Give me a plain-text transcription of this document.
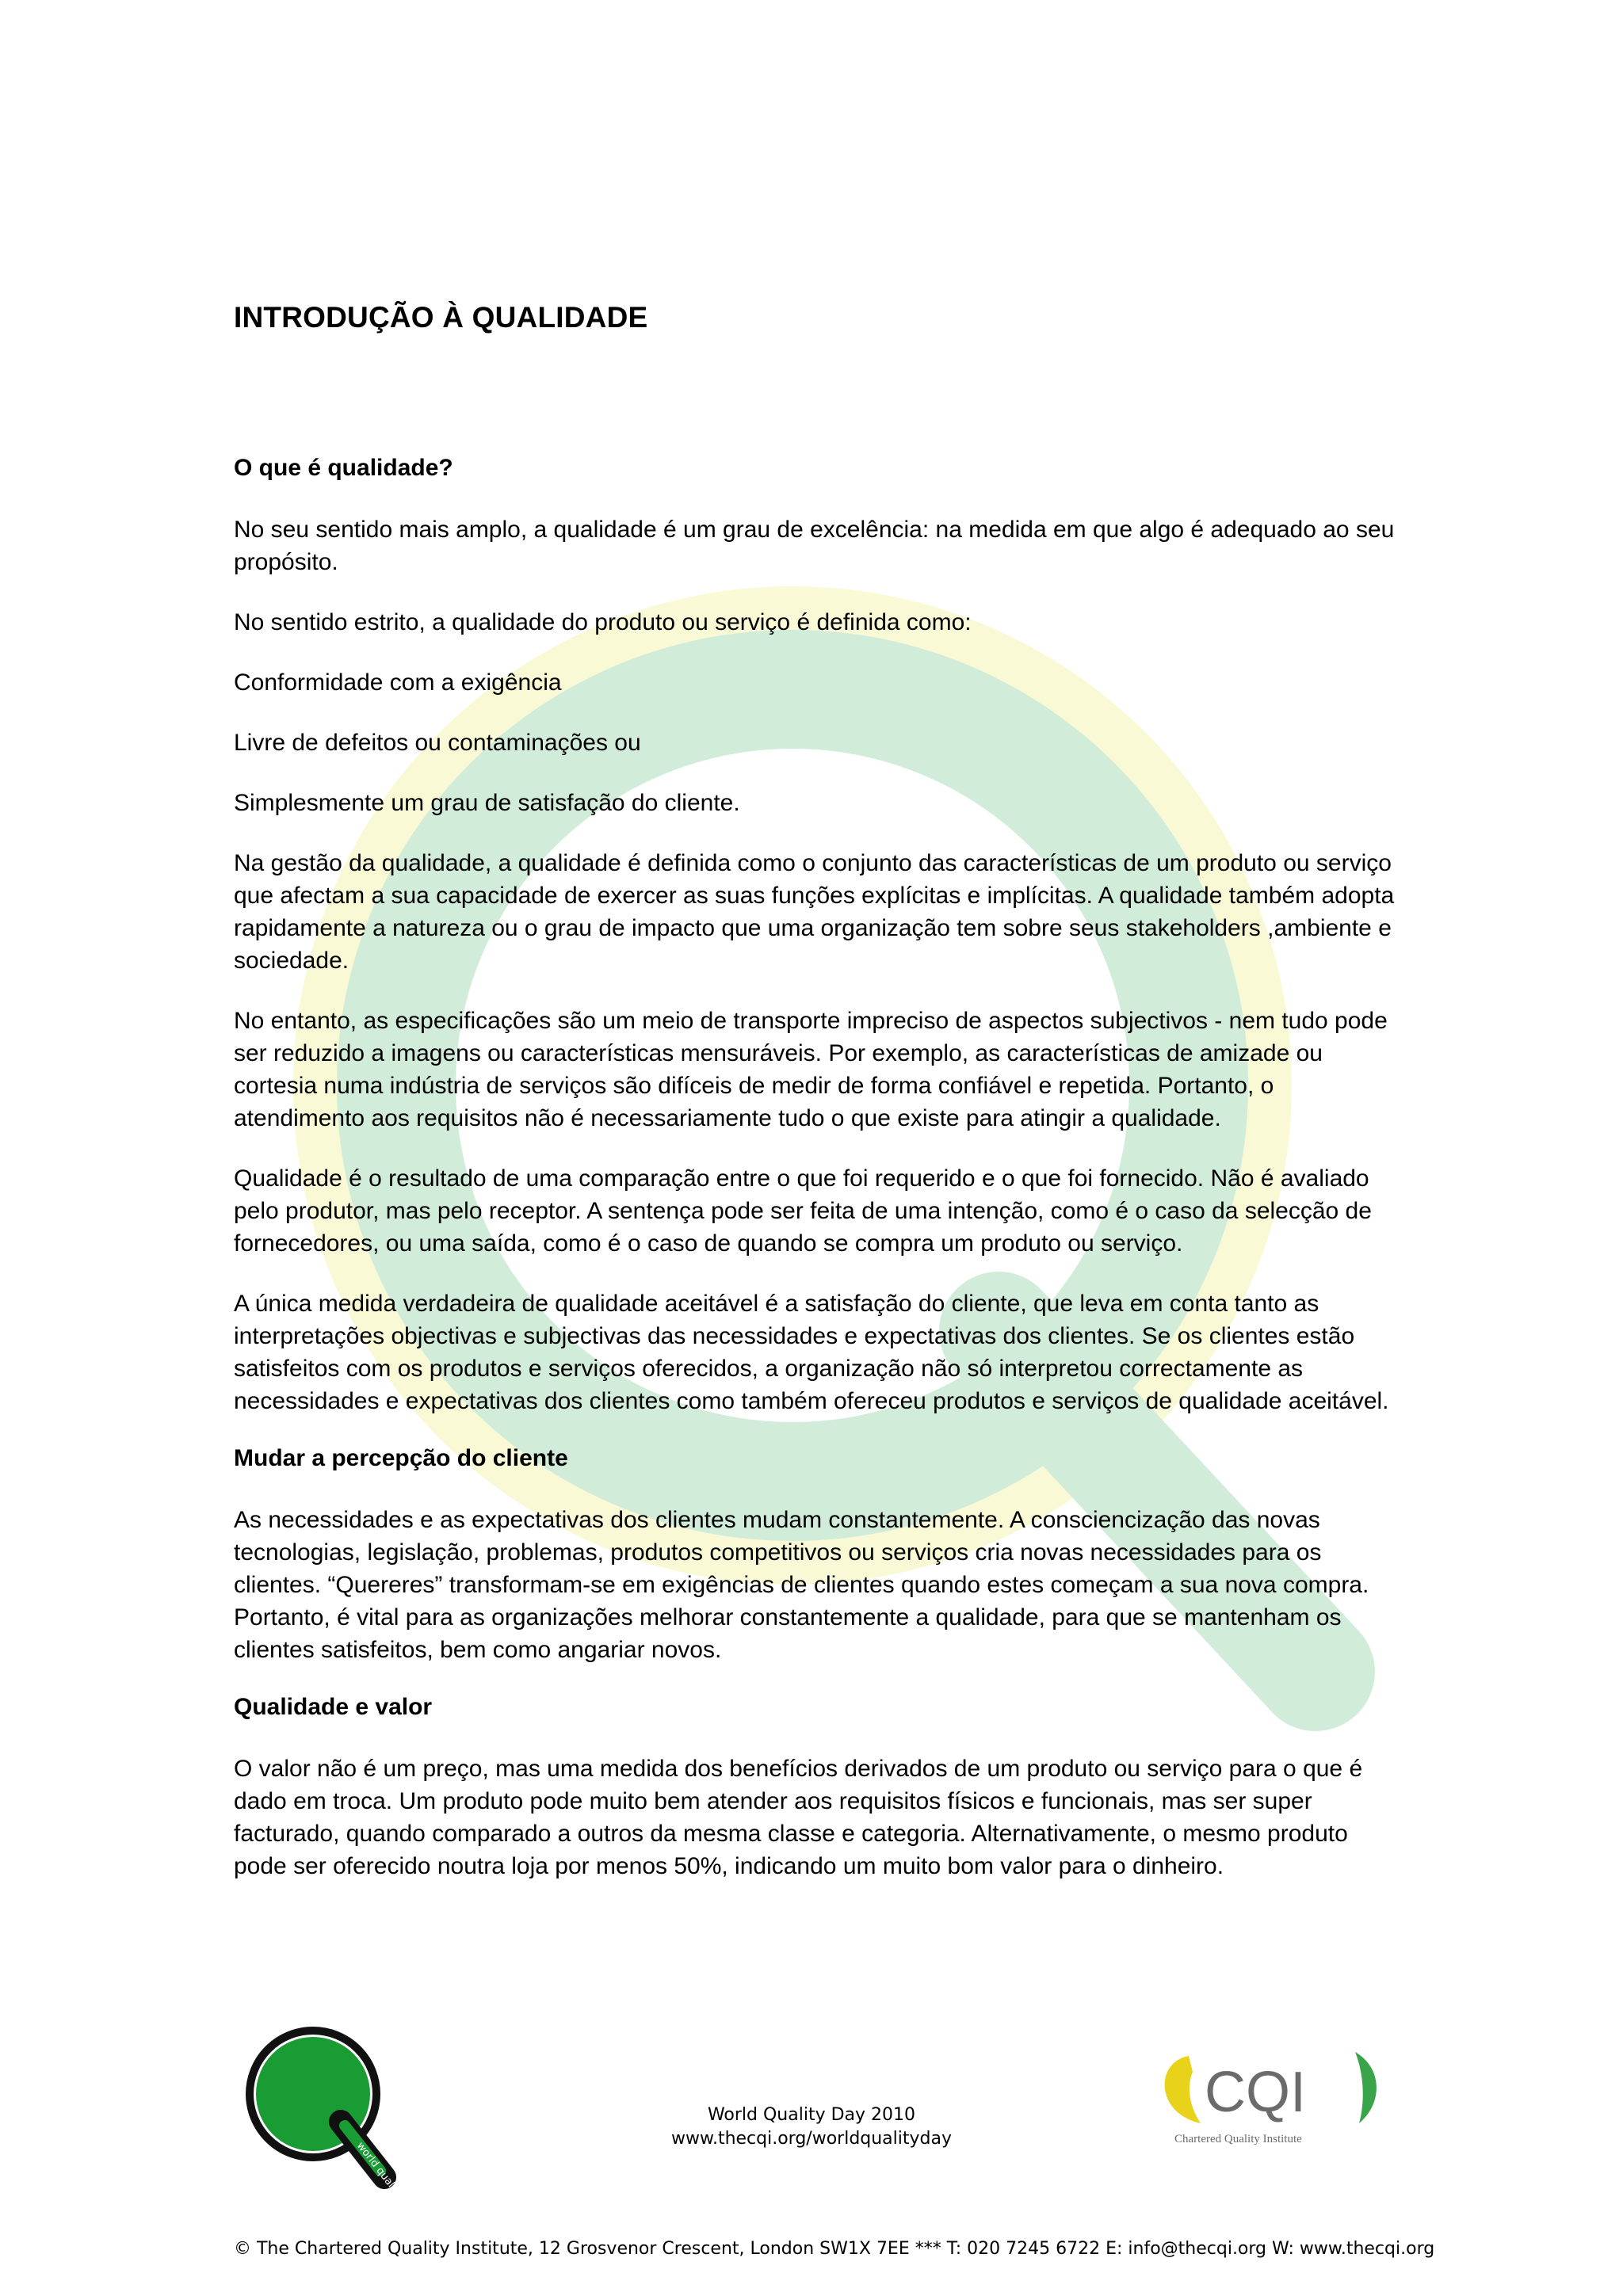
INTRODUÇÃO À QUALIDADE
O que é qualidade?

No seu sentido mais amplo, a qualidade é um grau de excelência: na medida em que algo é adequado ao seu propósito.

No sentido estrito, a qualidade do produto ou serviço é definida como:

Conformidade com a exigência

Livre de defeitos ou contaminações ou

Simplesmente um grau de satisfação do cliente.

Na gestão da qualidade, a qualidade é definida como o conjunto das características de um produto ou serviço que afectam a sua capacidade de exercer as suas funções explícitas e implícitas. A qualidade também adopta rapidamente a natureza ou o grau de impacto que uma organização tem sobre seus stakeholders ,ambiente e sociedade.

No entanto, as especificações são um meio de transporte impreciso de aspectos subjectivos - nem tudo pode ser reduzido a imagens ou características mensuráveis. Por exemplo, as características de amizade ou cortesia numa indústria de serviços são difíceis de medir de forma confiável e repetida. Portanto, o atendimento aos requisitos não é necessariamente tudo o que existe para atingir a qualidade.

Qualidade é o resultado de uma comparação entre o que foi requerido e o que foi fornecido. Não é avaliado pelo produtor, mas pelo receptor. A sentença pode ser feita de uma intenção, como é o caso da selecção de fornecedores, ou uma saída, como é o caso de quando se compra um produto ou serviço.

A única medida verdadeira de qualidade aceitável é a satisfação do cliente, que leva em conta tanto as interpretações objectivas e subjectivas das necessidades e expectativas dos clientes. Se os clientes estão satisfeitos com os produtos e serviços oferecidos, a organização não só interpretou correctamente as necessidades e expectativas dos clientes como também ofereceu produtos e serviços de qualidade aceitável.

Mudar a percepção do cliente

As necessidades e as expectativas dos clientes mudam constantemente. A consciencização das novas tecnologias, legislação, problemas, produtos competitivos ou serviços cria novas necessidades para os clientes. “Quereres” transformam-se em exigências de clientes quando estes começam a sua nova compra. Portanto, é vital para as organizações melhorar constantemente a qualidade, para que se mantenham os clientes satisfeitos, bem como angariar novos.

Qualidade e valor

O valor não é um preço, mas uma medida dos benefícios derivados de um produto ou serviço para o que é dado em troca. Um produto pode muito bem atender aos requisitos físicos e funcionais, mas ser super facturado, quando comparado a outros da mesma classe e categoria. Alternativamente, o mesmo produto pode ser oferecido noutra loja por menos 50%, indicando um muito bom valor para o dinheiro.

world quality day 2010
World Quality Day 2010
www.thecqi.org/worldqualityday
CQI
Chartered Quality Institute
© The Chartered Quality Institute, 12 Grosvenor Crescent, London SW1X 7EE *** T: 020 7245 6722 E: info@thecqi.org W: www.thecqi.org
